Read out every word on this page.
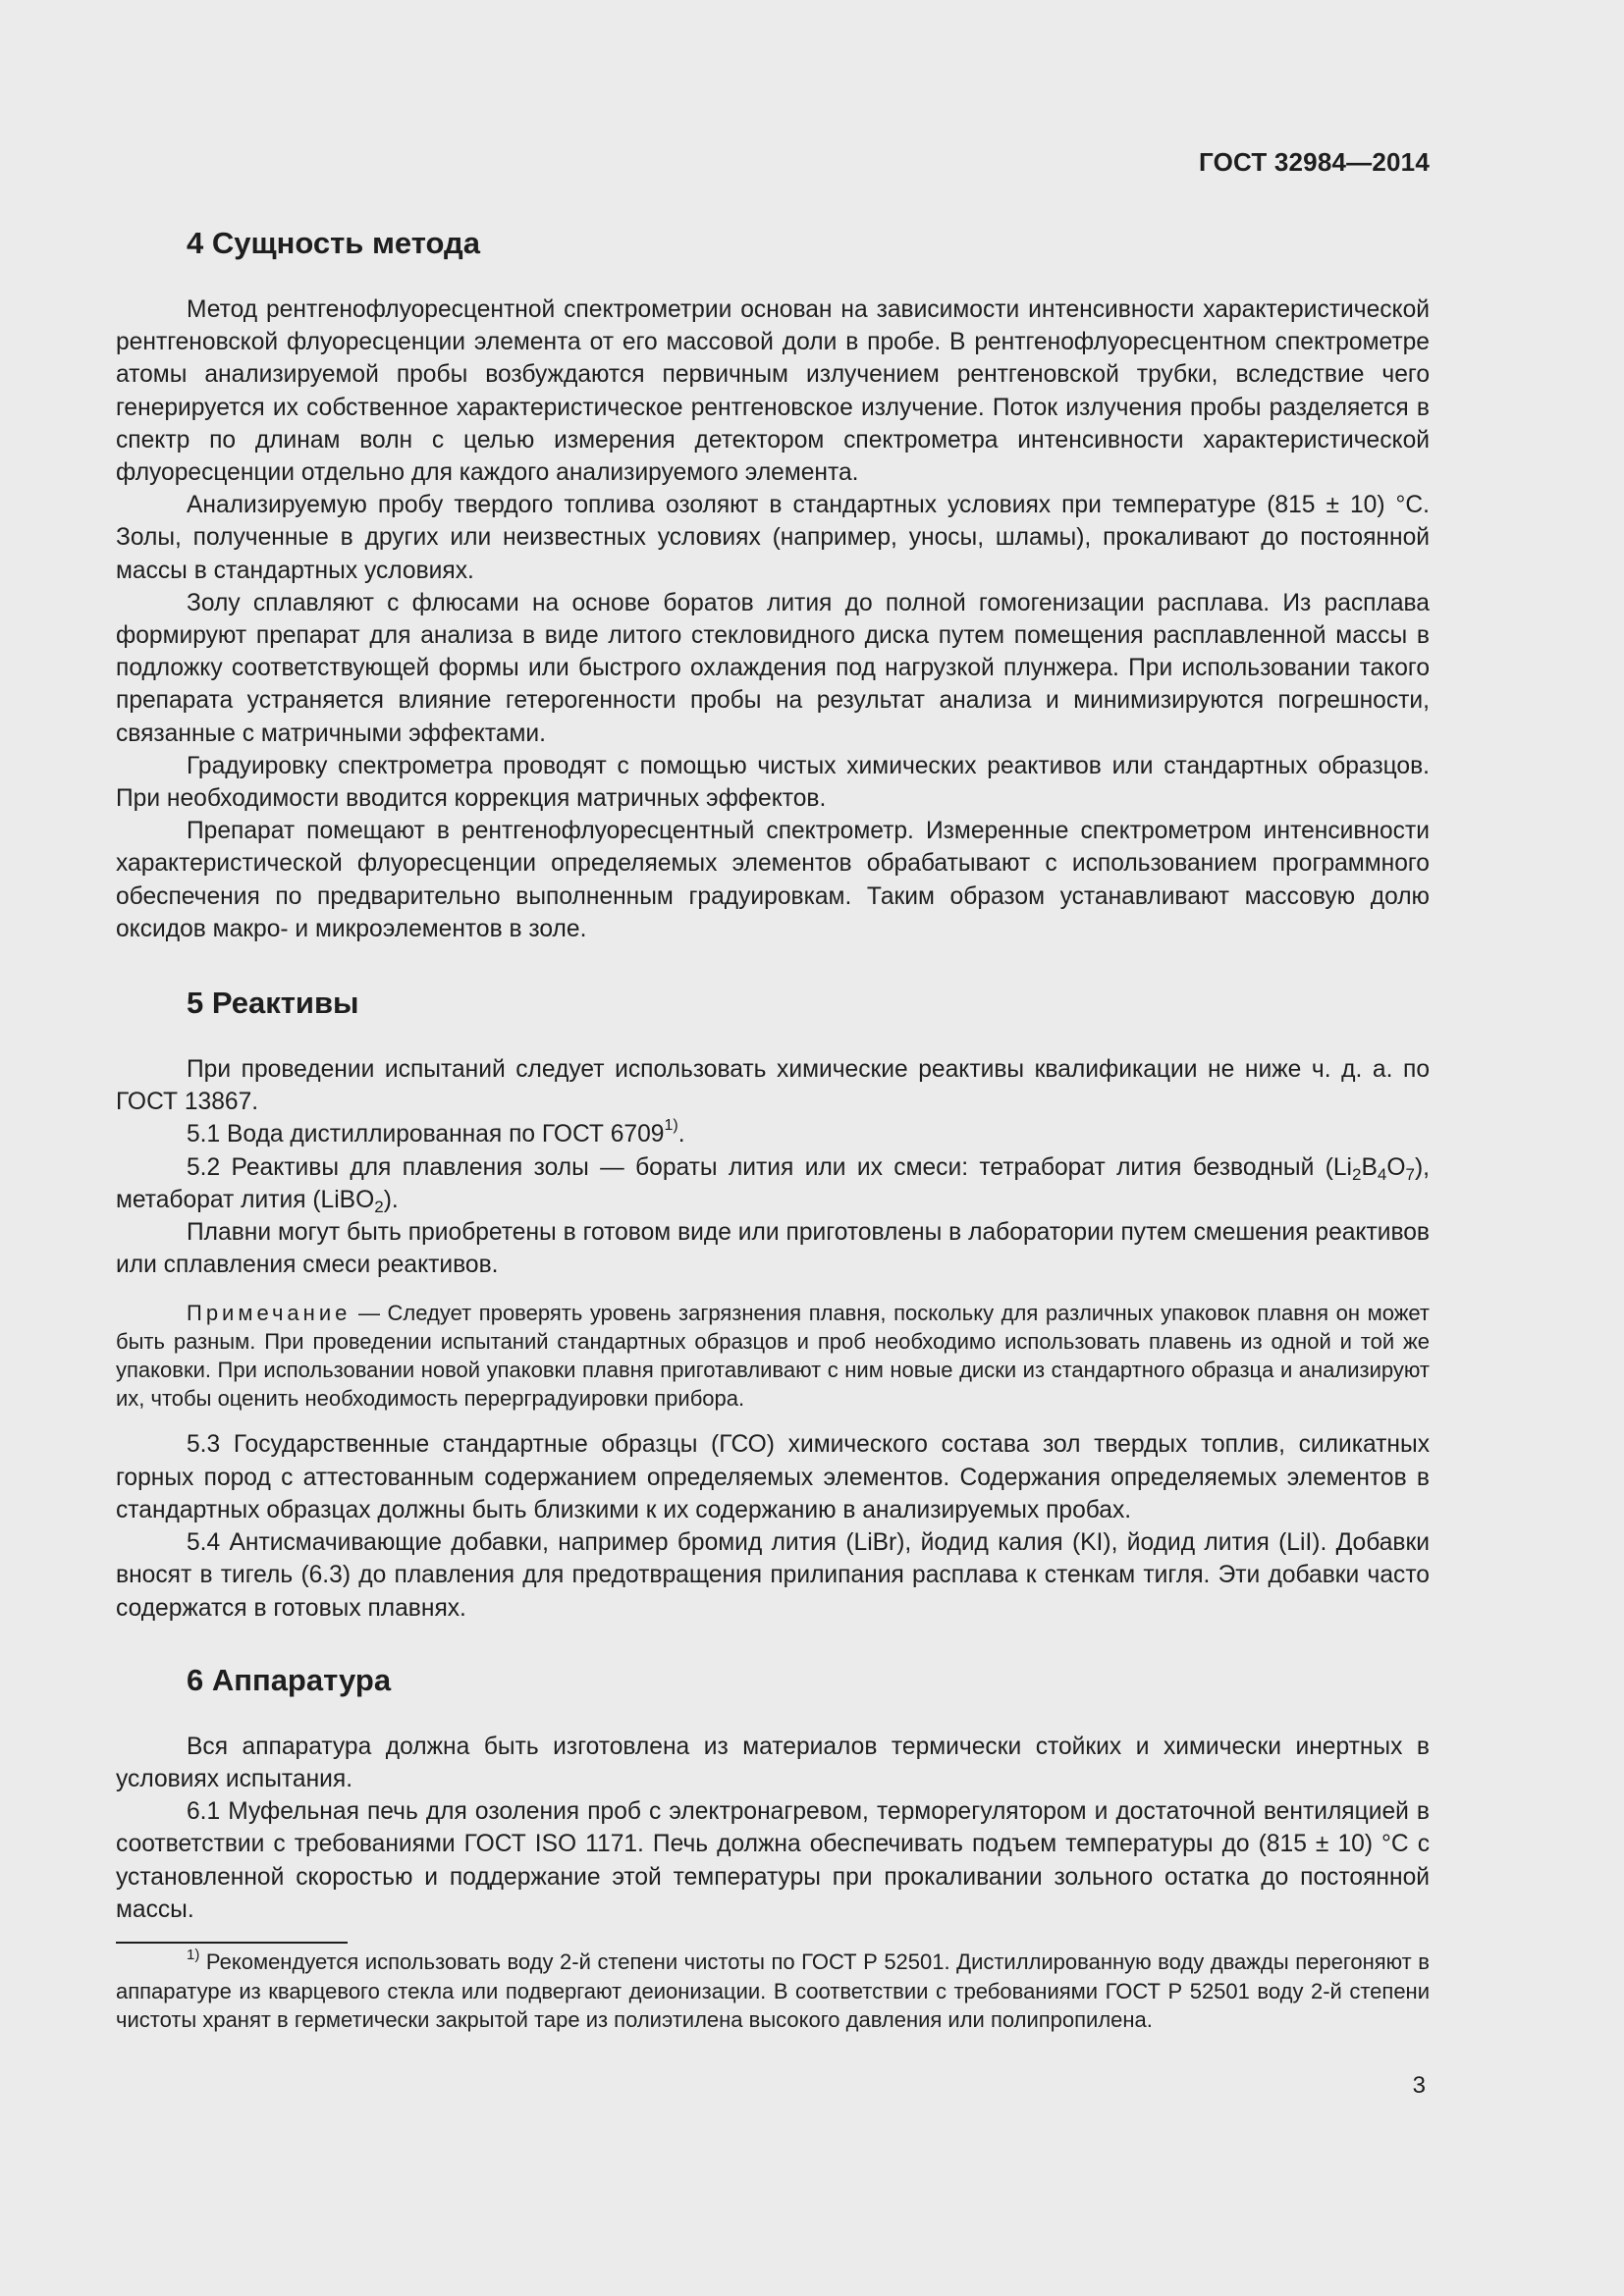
ГОСТ 32984—2014
4 Сущность метода

Метод рентгенофлуоресцентной спектрометрии основан на зависимости интенсивности характеристической рентгеновской флуоресценции элемента от его массовой доли в пробе. В рентгенофлуоресцентном спектрометре атомы анализируемой пробы возбуждаются первичным излучением рентгеновской трубки, вследствие чего генерируется их собственное характеристическое рентгеновское излучение. Поток излучения пробы разделяется в спектр по длинам волн с целью измерения детектором спектрометра интенсивности характеристической флуоресценции отдельно для каждого анализируемого элемента.

Анализируемую пробу твердого топлива озоляют в стандартных условиях при температуре (815 ± 10) °С. Золы, полученные в других или неизвестных условиях (например, уносы, шламы), прокаливают до постоянной массы в стандартных условиях.

Золу сплавляют с флюсами на основе боратов лития до полной гомогенизации расплава. Из расплава формируют препарат для анализа в виде литого стекловидного диска путем помещения расплавленной массы в подложку соответствующей формы или быстрого охлаждения под нагрузкой плунжера. При использовании такого препарата устраняется влияние гетерогенности пробы на результат анализа и минимизируются погрешности, связанные с матричными эффектами.

Градуировку спектрометра проводят с помощью чистых химических реактивов или стандартных образцов. При необходимости вводится коррекция матричных эффектов.

Препарат помещают в рентгенофлуоресцентный спектрометр. Измеренные спектрометром интенсивности характеристической флуоресценции определяемых элементов обрабатывают с использованием программного обеспечения по предварительно выполненным градуировкам. Таким образом устанавливают массовую долю оксидов макро- и микроэлементов в золе.

5 Реактивы

При проведении испытаний следует использовать химические реактивы квалификации не ниже ч. д. а. по ГОСТ 13867.

5.1 Вода дистиллированная по ГОСТ 6709$^{1)}$.

5.2 Реактивы для плавления золы — бораты лития или их смеси: тетраборат лития безводный $(Li_2B_4O_7)$, метаборат лития (LiBO$_2$).

Плавни могут быть приобретены в готовом виде или приготовлены в лаборатории путем смешения реактивов или сплавления смеси реактивов.

Примечание — Следует проверять уровень загрязнения плавня, поскольку для различных упаковок плавня он может быть разным. При проведении испытаний стандартных образцов и проб необходимо использовать плавень из одной и той же упаковки. При использовании новой упаковки плавня приготавливают с ним новые диски из стандартного образца и анализируют их, чтобы оценить необходимость перерградуировки прибора.

5.3 Государственные стандартные образцы (ГСО) химического состава зол твердых топлив, силикатных горных пород с аттестованным содержанием определяемых элементов. Содержания определяемых элементов в стандартных образцах должны быть близкими к их содержанию в анализируемых пробах.

5.4 Антисмачивающие добавки, например бромид лития (LiBr), йодид калия (KI), йодид лития (LiI). Добавки вносят в тигель (6.3) до плавления для предотвращения прилипания расплава к стенкам тигля. Эти добавки часто содержатся в готовых плавнях.

6 Аппаратура

Вся аппаратура должна быть изготовлена из материалов термически стойких и химически инертных в условиях испытания.

6.1 Муфельная печь для озоления проб с электронагревом, терморегулятором и достаточной вентиляцией в соответствии с требованиями ГОСТ ISO 1171. Печь должна обеспечивать подъем температуры до (815 ± 10) °С с установленной скоростью и поддержание этой температуры при прокаливании зольного остатка до постоянной массы.

$^{1)}$ Рекомендуется использовать воду 2-й степени чистоты по ГОСТ Р 52501. Дистиллированную воду дважды перегоняют в аппаратуре из кварцевого стекла или подвергают деионизации. В соответствии с требованиями ГОСТ Р 52501 воду 2-й степени чистоты хранят в герметически закрытой таре из полиэтилена высокого давления или полипропилена.
3
